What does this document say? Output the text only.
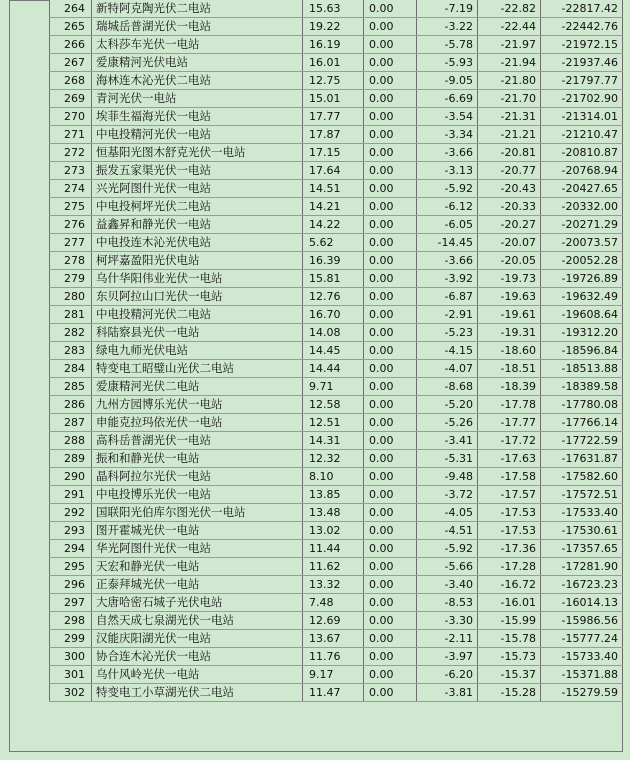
264	新特阿克陶光伏二电站	15.63	0.00	-7.19	-22.82	-22817.42
265	瑞城岳普湖光伏一电站	19.22	0.00	-3.22	-22.44	-22442.76
266	太科莎车光伏一电站	16.19	0.00	-5.78	-21.97	-21972.15
267	爱康精河光伏电站	16.01	0.00	-5.93	-21.94	-21937.46
268	海林连木沁光伏二电站	12.75	0.00	-9.05	-21.80	-21797.77
269	青河光伏一电站	15.01	0.00	-6.69	-21.70	-21702.90
270	埃菲生福海光伏一电站	17.77	0.00	-3.54	-21.31	-21314.01
271	中电投精河光伏一电站	17.87	0.00	-3.34	-21.21	-21210.47
272	恒基阳光图木舒克光伏一电站	17.15	0.00	-3.66	-20.81	-20810.87
273	振发五家渠光伏一电站	17.64	0.00	-3.13	-20.77	-20768.94
274	兴光阿图什光伏一电站	14.51	0.00	-5.92	-20.43	-20427.65
275	中电投柯坪光伏二电站	14.21	0.00	-6.12	-20.33	-20332.00
276	益鑫昇和静光伏一电站	14.22	0.00	-6.05	-20.27	-20271.29
277	中电投连木沁光伏电站	5.62	0.00	-14.45	-20.07	-20073.57
278	柯坪嘉盈阳光伏电站	16.39	0.00	-3.66	-20.05	-20052.28
279	乌什华阳伟业光伏一电站	15.81	0.00	-3.92	-19.73	-19726.89
280	东贝阿拉山口光伏一电站	12.76	0.00	-6.87	-19.63	-19632.49
281	中电投精河光伏二电站	16.70	0.00	-2.91	-19.61	-19608.64
282	科陆察县光伏一电站	14.08	0.00	-5.23	-19.31	-19312.20
283	绿电九师光伏电站	14.45	0.00	-4.15	-18.60	-18596.84
284	特变电工昭璧山光伏二电站	14.44	0.00	-4.07	-18.51	-18513.88
285	爱康精河光伏二电站	9.71	0.00	-8.68	-18.39	-18389.58
286	九州方园博乐光伏一电站	12.58	0.00	-5.20	-17.78	-17780.08
287	申能克拉玛依光伏一电站	12.51	0.00	-5.26	-17.77	-17766.14
288	高科岳普湖光伏一电站	14.31	0.00	-3.41	-17.72	-17722.59
289	振和和静光伏一电站	12.32	0.00	-5.31	-17.63	-17631.87
290	晶科阿拉尔光伏一电站	8.10	0.00	-9.48	-17.58	-17582.60
291	中电投博乐光伏一电站	13.85	0.00	-3.72	-17.57	-17572.51
292	国联阳光伯库尔图光伏一电站	13.48	0.00	-4.05	-17.53	-17533.40
293	图开霍城光伏一电站	13.02	0.00	-4.51	-17.53	-17530.61
294	华光阿图什光伏一电站	11.44	0.00	-5.92	-17.36	-17357.65
295	天宏和静光伏一电站	11.62	0.00	-5.66	-17.28	-17281.90
296	正泰拜城光伏一电站	13.32	0.00	-3.40	-16.72	-16723.23
297	大唐哈密石城子光伏电站	7.48	0.00	-8.53	-16.01	-16014.13
298	自然天成七泉湖光伏一电站	12.69	0.00	-3.30	-15.99	-15986.56
299	汉能庆阳湖光伏一电站	13.67	0.00	-2.11	-15.78	-15777.24
300	协合连木沁光伏一电站	11.76	0.00	-3.97	-15.73	-15733.40
301	乌什风岭光伏一电站	9.17	0.00	-6.20	-15.37	-15371.88
302	特变电工小草湖光伏二电站	11.47	0.00	-3.81	-15.28	-15279.59
